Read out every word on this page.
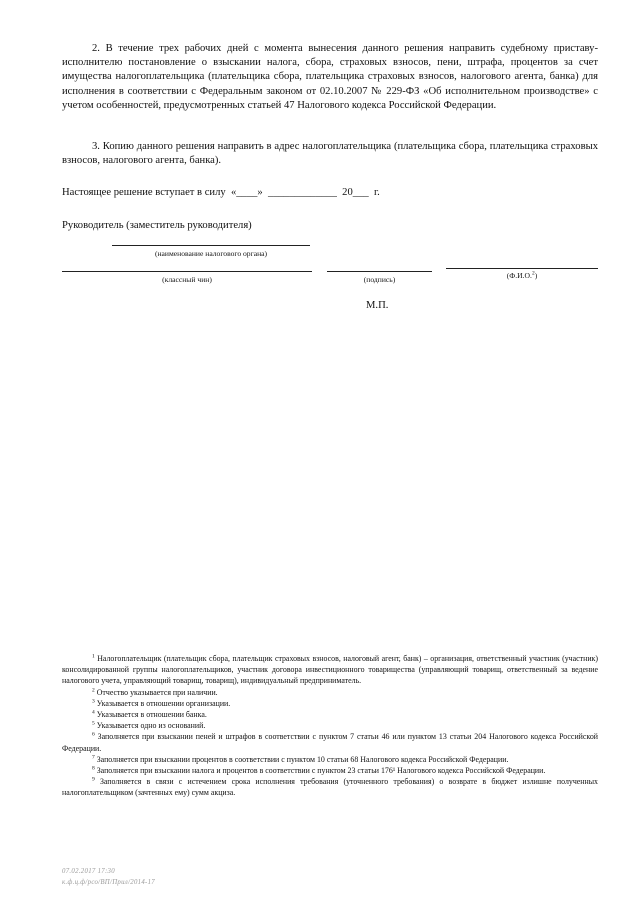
2. В течение трех рабочих дней с момента вынесения данного решения направить судебному приставу-исполнителю постановление о взыскании налога, сбора, страховых взносов, пени, штрафа, процентов за счет имущества налогоплательщика (плательщика сбора, плательщика страховых взносов, налогового агента, банка) для исполнения в соответствии с Федеральным законом от 02.10.2007 № 229-ФЗ «Об исполнительном производстве» с учетом особенностей, предусмотренных статьей 47 Налогового кодекса Российской Федерации.

3. Копию данного решения направить в адрес налогоплательщика (плательщика сбора, плательщика страховых взносов, налогового агента, банка).

Настоящее решение вступает в силу  «____»  _____________  20___  г.
Руководитель (заместитель руководителя)
(наименование налогового органа)
(классный чин)	(подпись)	(Ф.И.О.$^2$)
М.П.

$^1$ Налогоплательщик (плательщик сбора, плательщик страховых взносов, налоговый агент, банк) – организация, ответственный участник (участник) консолидированной группы налогоплательщиков, участник договора инвестиционного товарищества (управляющий товарищ, ответственный за ведение налогового учета, управляющий товарищ, товарищ), индивидуальный предприниматель.

$^2$ Отчество указывается при наличии.

$^3$ Указывается в отношении организации.

$^4$ Указывается в отношении банка.

$^5$ Указывается одно из оснований.

$^6$ Заполняется при взыскании пеней и штрафов в соответствии с пунктом 7 статьи 46 или пунктом 13 статьи 204 Налогового кодекса Российской Федерации.

$^7$ Заполняется при взыскании процентов в соответствии с пунктом 10 статьи 68 Налогового кодекса Российской Федерации.

$^8$ Заполняется при взыскании налога и процентов в соответствии с пунктом 23 статьи 176¹ Налогового кодекса Российской Федерации.

$^9$ Заполняется в связи с истечением срока исполнения требования (уточненного требования) о возврате в бюджет излишне полученных налогоплательщиком (зачтенных ему) сумм акциза.

07.02.2017 17:30
к.ф.ц.ф/рсо/ВП/Прил/2014-17
